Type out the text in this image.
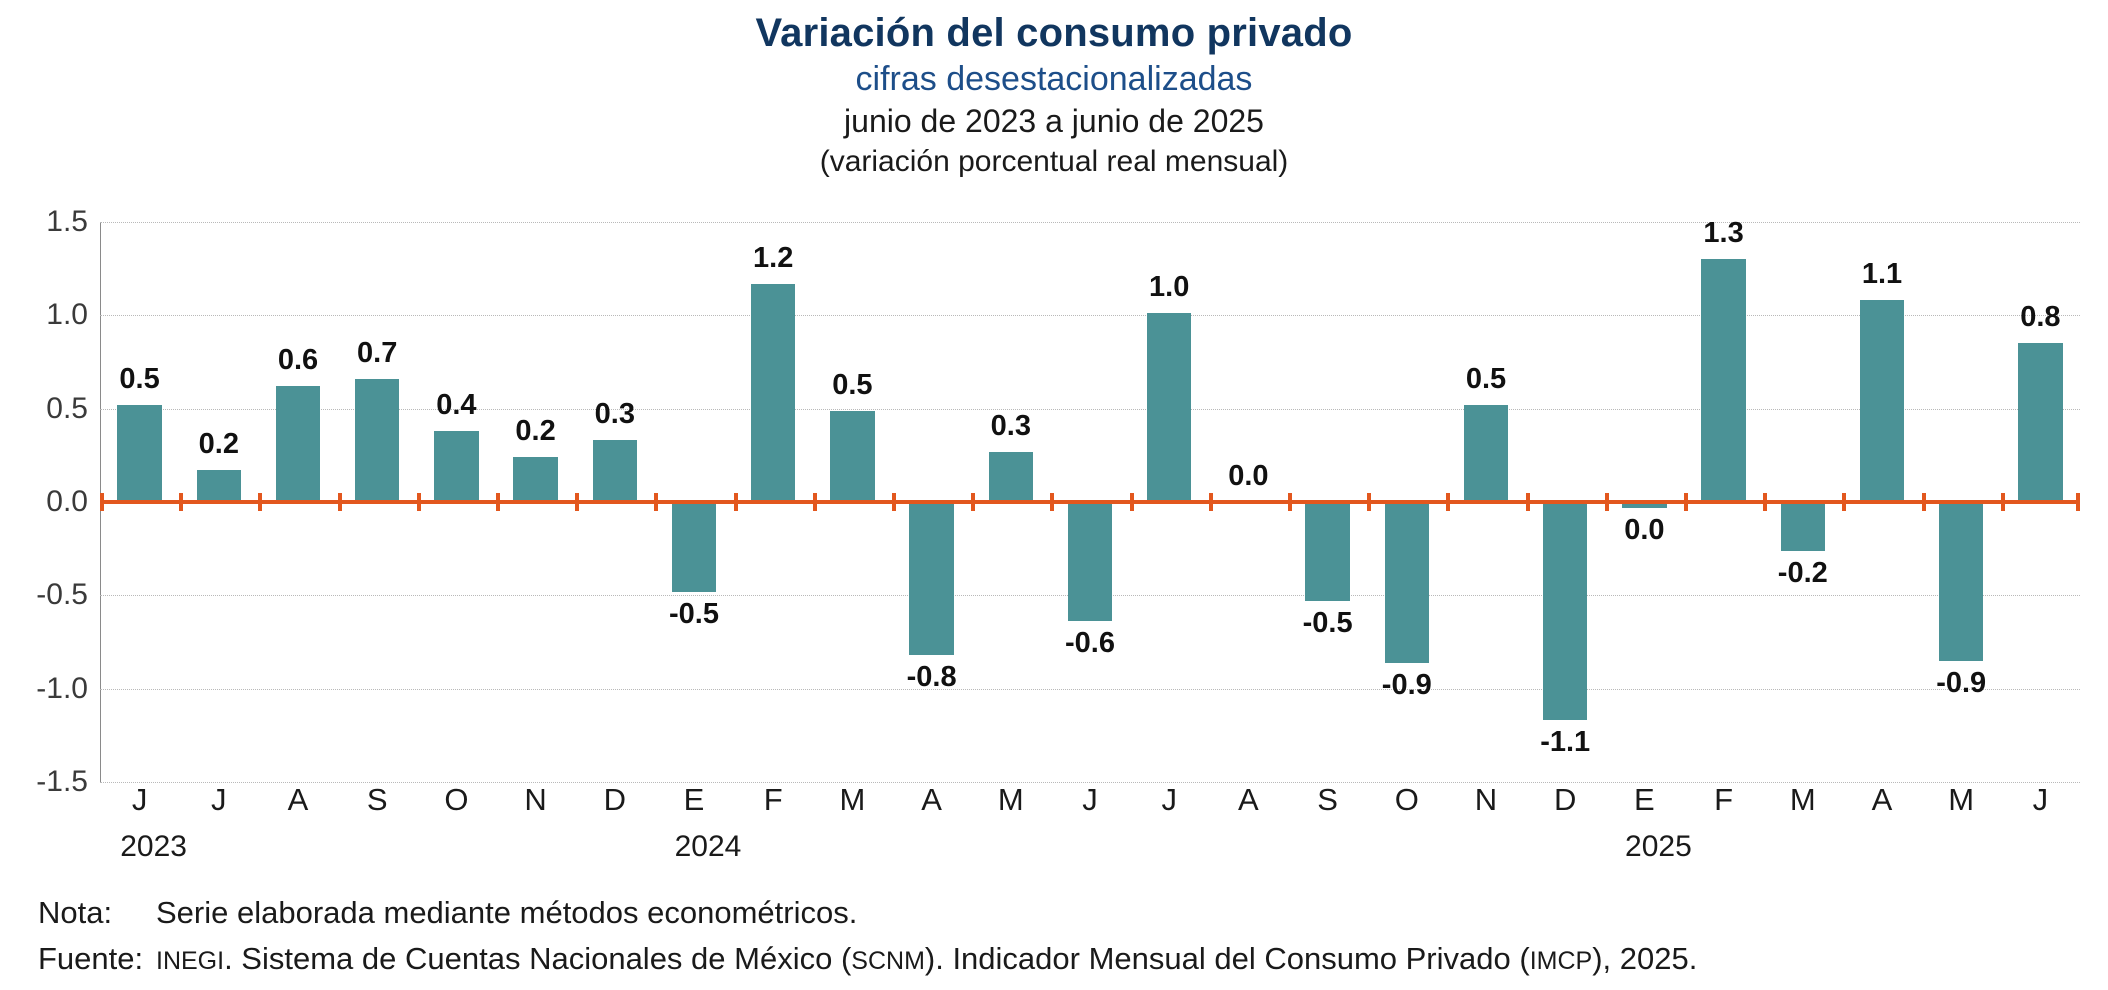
Variación del consumo privado
cifras desestacionalizadas
junio de 2023 a junio de 2025
(variación porcentual real mensual)
-1.5
-1.0
-0.5
0.0
0.5
1.0
1.5
0.5
0.2
0.6 0.7
0.4
0.2
0.3
-0.5
1.2
0.5
-0.8
0.3
-0.6
1.0
0.0
-0.5
-0.9
0.5
-1.1
0.0
1.3
-0.2
1.1
-0.9
0.8
J J A S O N D E F M A M J J A S O N D E F M A M J
2023	2024	2025
Nota: Serie elaborada mediante métodos econométricos.
Fuente: INEGI. Sistema de Cuentas Nacionales de México (SCNM). Indicador Mensual del Consumo Privado (IMCP), 2025.
